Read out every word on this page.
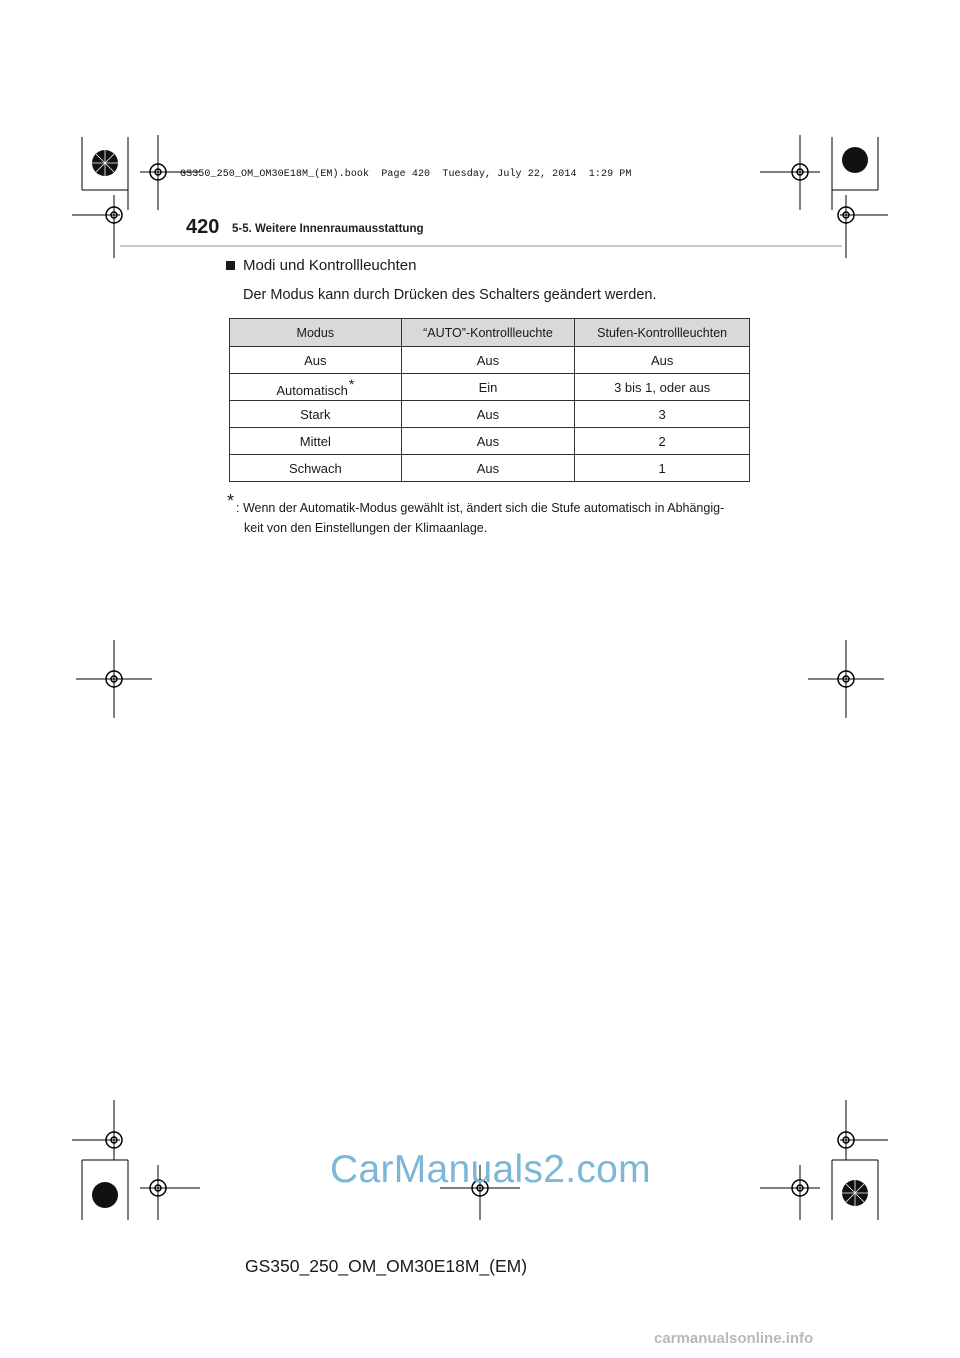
GS350_250_OM_OM30E18M_(EM).book  Page 420  Tuesday, July 22, 2014  1:29 PM
420 5-5. Weitere Innenraumausstattung
Modi und Kontrollleuchten
Der Modus kann durch Drücken des Schalters geändert werden.
Modus	“AUTO”-Kontrollleuchte	Stufen-Kontrollleuchten
Aus	Aus	Aus
Automatisch*	Ein	3 bis 1, oder aus
Stark	Aus	3
Mittel	Aus	2
Schwach	Aus	1
* : Wenn der Automatik-Modus gewählt ist, ändert sich die Stufe automatisch in Abhängig-
keit von den Einstellungen der Klimaanlage.
CarManuals2.com
GS350_250_OM_OM30E18M_(EM)
carmanualsonline.info
